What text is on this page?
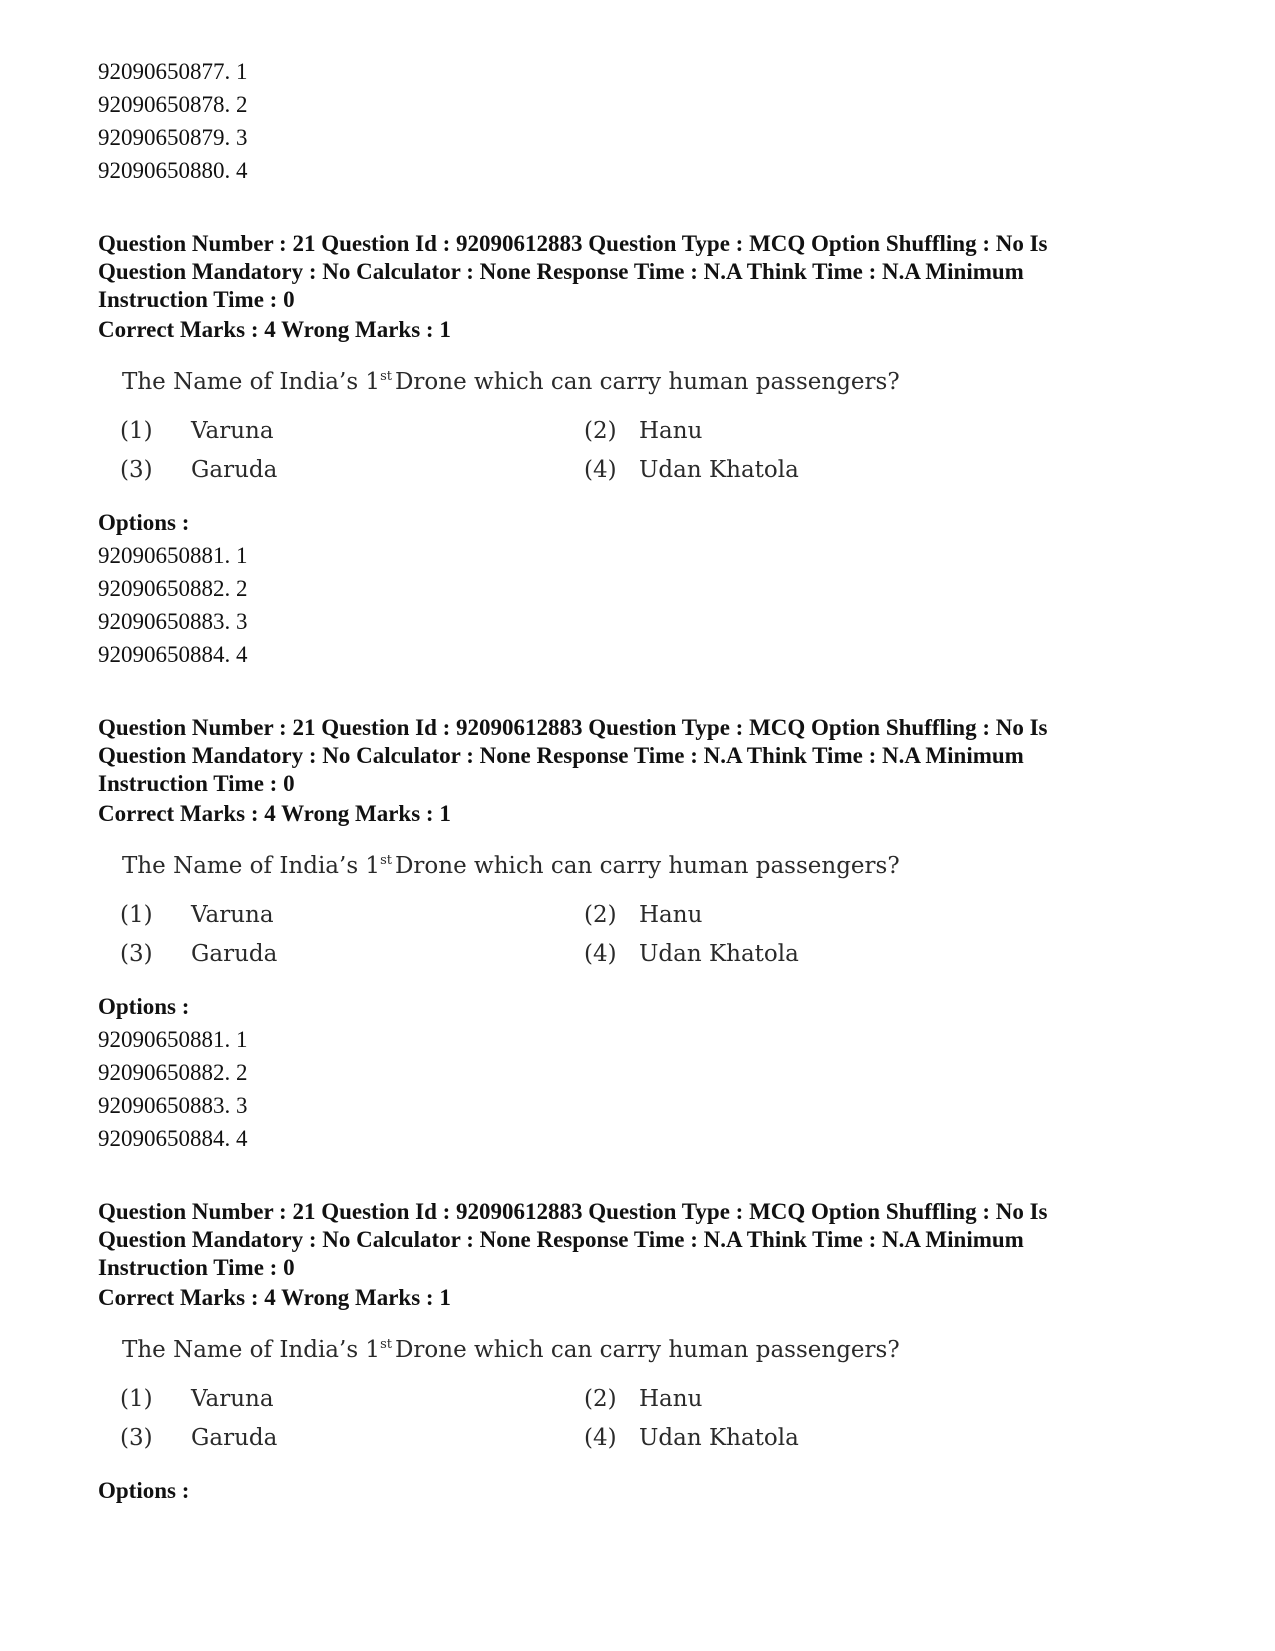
92090650877. 1
92090650878. 2
92090650879. 3
92090650880. 4
Question Number : 21 Question Id : 92090612883 Question Type : MCQ Option Shuffling : No Is
Question Mandatory : No Calculator : None Response Time : N.A Think Time : N.A Minimum
Instruction Time : 0
Correct Marks : 4 Wrong Marks : 1
The Name of India’s 1st Drone which can carry human passengers?
(1) Varuna	(2) Hanu
(3) Garuda	(4) Udan Khatola
Options :
92090650881. 1
92090650882. 2
92090650883. 3
92090650884. 4
Question Number : 21 Question Id : 92090612883 Question Type : MCQ Option Shuffling : No Is
Question Mandatory : No Calculator : None Response Time : N.A Think Time : N.A Minimum
Instruction Time : 0
Correct Marks : 4 Wrong Marks : 1
The Name of India’s 1st Drone which can carry human passengers?
(1) Varuna	(2) Hanu
(3) Garuda	(4) Udan Khatola
Options :
92090650881. 1
92090650882. 2
92090650883. 3
92090650884. 4
Question Number : 21 Question Id : 92090612883 Question Type : MCQ Option Shuffling : No Is
Question Mandatory : No Calculator : None Response Time : N.A Think Time : N.A Minimum
Instruction Time : 0
Correct Marks : 4 Wrong Marks : 1
The Name of India’s 1st Drone which can carry human passengers?
(1) Varuna	(2) Hanu
(3) Garuda	(4) Udan Khatola
Options :
